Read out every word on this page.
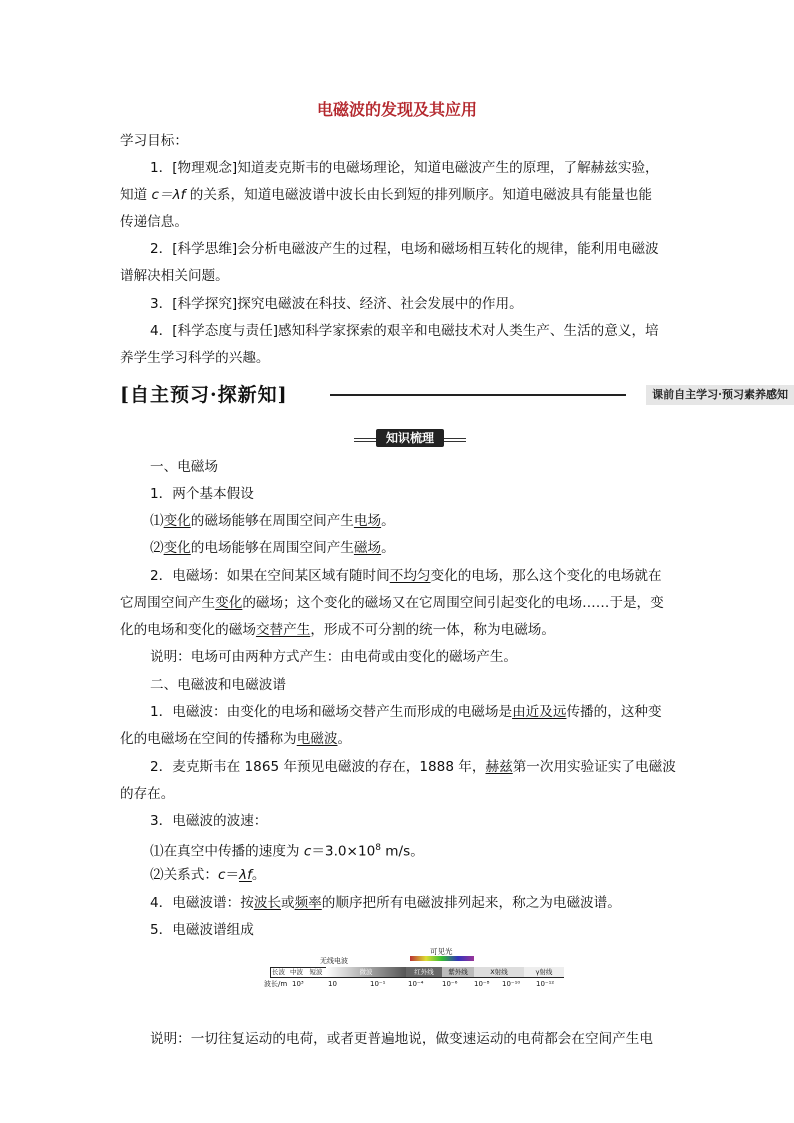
电磁波的发现及其应用
学习目标：
1．[物理观念]知道麦克斯韦的电磁场理论，知道电磁波产生的原理，了解赫兹实验，
知道 c＝λf 的关系，知道电磁波谱中波长由长到短的排列顺序。知道电磁波具有能量也能
传递信息。
2．[科学思维]会分析电磁波产生的过程，电场和磁场相互转化的规律，能利用电磁波
谱解决相关问题。
3．[科学探究]探究电磁波在科技、经济、社会发展中的作用。
4．[科学态度与责任]感知科学家探索的艰辛和电磁技术对人类生产、生活的意义，培
养学生学习科学的兴趣。
[自主预习·探新知]	课前自主学习·预习素养感知
知识梳理
一、电磁场
1．两个基本假设
⑴变化的磁场能够在周围空间产生电场。
⑵变化的电场能够在周围空间产生磁场。
2．电磁场：如果在空间某区域有随时间不均匀变化的电场，那么这个变化的电场就在
它周围空间产生变化的磁场；这个变化的磁场又在它周围空间引起变化的电场……于是，变
化的电场和变化的磁场交替产生，形成不可分割的统一体，称为电磁场。
说明：电场可由两种方式产生：由电荷或由变化的磁场产生。
二、电磁波和电磁波谱
1．电磁波：由变化的电场和磁场交替产生而形成的电磁场是由近及远传播的，这种变
化的电磁场在空间的传播称为电磁波。
2．麦克斯韦在 1865 年预见电磁波的存在，1888 年，赫兹第一次用实验证实了电磁波
的存在。
3．电磁波的波速：
⑴在真空中传播的速度为 $c=3.0\times 10^8$ m/s。
⑵关系式：c＝λf。
4．电磁波谱：按波长或频率的顺序把所有电磁波排列起来，称之为电磁波谱。
5．电磁波谱组成
可见光
无线电波
长波 中波	短波	微波	红外线	紫外线	X射线	γ射线
波长/m 10³	10	10⁻¹	10⁻⁴	10⁻⁶ 10⁻⁸ 10⁻¹⁰ 10⁻¹²
说明：一切往复运动的电荷，或者更普遍地说，做变速运动的电荷都会在空间产生电
